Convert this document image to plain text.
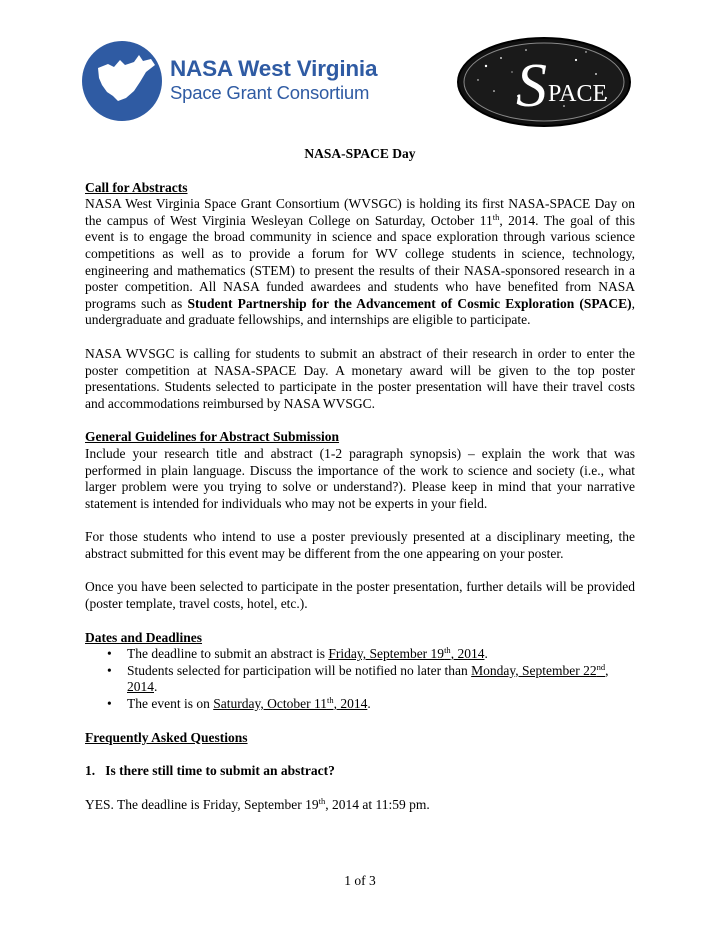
NASA West Virginia
Space Grant Consortium S PACE
NASA-SPACE Day
Call for Abstracts

NASA West Virginia Space Grant Consortium (WVSGC) is holding its first NASA-SPACE Day on the campus of West Virginia Wesleyan College on Saturday, October 11th, 2014. The goal of this event is to engage the broad community in science and space exploration through various science competitions as well as to provide a forum for WV college students in science, technology, engineering and mathematics (STEM) to present the results of their NASA-sponsored research in a poster competition. All NASA funded awardees and students who have benefited from NASA programs such as Student Partnership for the Advancement of Cosmic Exploration (SPACE), undergraduate and graduate fellowships, and internships are eligible to participate.

NASA WVSGC is calling for students to submit an abstract of their research in order to enter the poster competition at NASA-SPACE Day. A monetary award will be given to the top poster presentations. Students selected to participate in the poster presentation will have their travel costs and accommodations reimbursed by NASA WVSGC.

General Guidelines for Abstract Submission

Include your research title and abstract (1-2 paragraph synopsis) – explain the work that was performed in plain language. Discuss the importance of the work to science and society (i.e., what larger problem were you trying to solve or understand?). Please keep in mind that your narrative statement is intended for individuals who may not be experts in your field.

For those students who intend to use a poster previously presented at a disciplinary meeting, the abstract submitted for this event may be different from the one appearing on your poster.

Once you have been selected to participate in the poster presentation, further details will be provided (poster template, travel costs, hotel, etc.).

Dates and Deadlines
• The deadline to submit an abstract is Friday, September 19th, 2014.
• Students selected for participation will be notified no later than Monday, September 22nd, 2014.
• The event is on Saturday, October 11th, 2014.
Frequently Asked Questions
1.   Is there still time to submit an abstract?

YES. The deadline is Friday, September 19th, 2014 at 11:59 pm.

1 of 3
